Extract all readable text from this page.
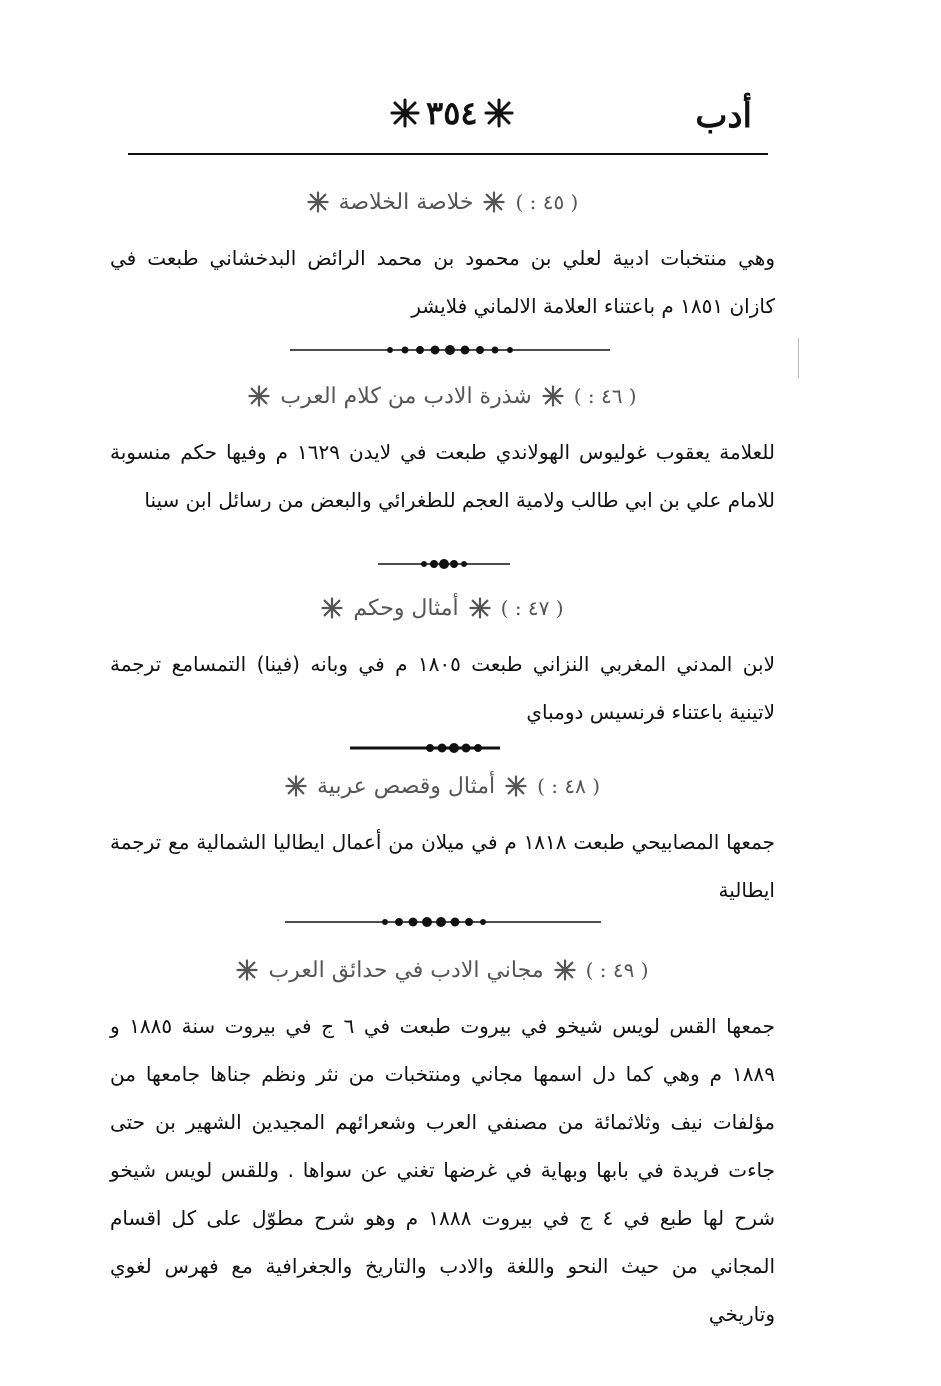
٣٥٤	أدب
( ٤٥ : )
خلاصة الخلاصة
وهي منتخبات ادبية لعلي بن محمود بن محمد الرائض البدخشاني طبعت في كازان ١٨٥١ م باعتناء العلامة الالماني فلايشر
( ٤٦ : )
شذرة الادب من كلام العرب
للعلامة يعقوب غوليوس الهولاندي طبعت في لايدن ١٦٢٩ م وفيها حكم منسوبة للامام علي بن ابي طالب ولامية العجم للطغرائي والبعض من رسائل ابن سينا
( ٤٧ : )
أمثال وحكم
لابن المدني المغربي النزاني طبعت ١٨٠٥ م في وبانه (فينا) التمسامع ترجمة لاتينية باعتناء فرنسيس دومباي
( ٤٨ : )
أمثال وقصص عربية
جمعها المصابيحي طبعت ١٨١٨ م في ميلان من أعمال ايطاليا الشمالية مع ترجمة ايطالية
( ٤٩ : )
مجاني الادب في حدائق العرب
جمعها القس لويس شيخو في بيروت طبعت في ٦ ج في بيروت سنة ١٨٨٥ و ١٨٨٩ م وهي كما دل اسمها مجاني ومنتخبات من نثر ونظم جناها جامعها من مؤلفات نيف وثلاثمائة من مصنفي العرب وشعرائهم المجيدين الشهير بن حتى جاءت فريدة في بابها وبهاية في غرضها تغني عن سواها . وللقس لويس شيخو شرح لها طبع في ٤ ج في بيروت ١٨٨٨ م وهو شرح مطوّل على كل اقسام المجاني من حيث النحو واللغة والادب والتاريخ والجغرافية مع فهرس لغوي وتاريخي
